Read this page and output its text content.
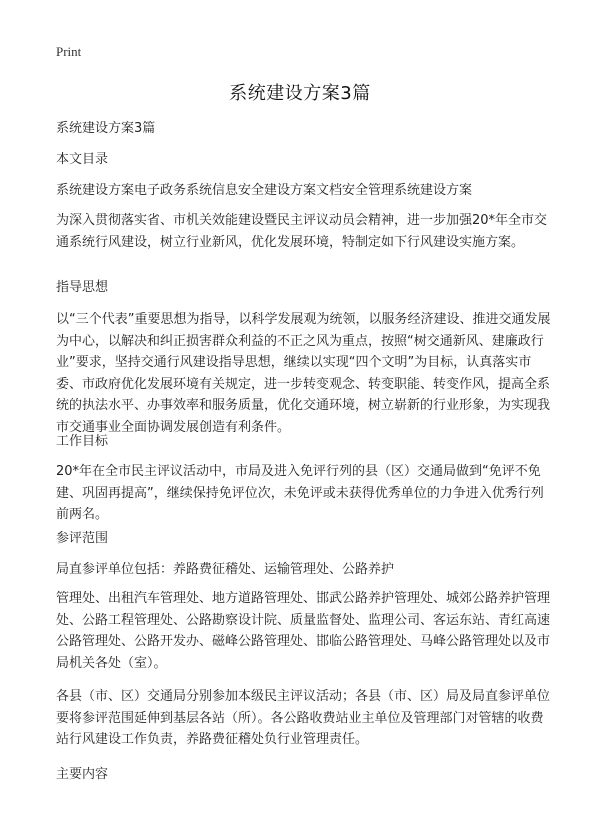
Print
系统建设方案3篇

系统建设方案3篇

本文目录

系统建设方案电子政务系统信息安全建设方案文档安全管理系统建设方案

为深入贯彻落实省、市机关效能建设暨民主评议动员会精神，进一步加强20*年全市交通系统行风建设，树立行业新风，优化发展环境，特制定如下行风建设实施方案。

指导思想

以“三个代表”重要思想为指导，以科学发展观为统领，以服务经济建设、推进交通发展为中心，以解决和纠正损害群众利益的不正之风为重点，按照“树交通新风、建廉政行业”要求，坚持交通行风建设指导思想，继续以实现“四个文明”为目标，认真落实市委、市政府优化发展环境有关规定，进一步转变观念、转变职能、转变作风，提高全系统的执法水平、办事效率和服务质量，优化交通环境，树立崭新的行业形象，为实现我市交通事业全面协调发展创造有利条件。

工作目标

20*年在全市民主评议活动中，市局及进入免评行列的县（区）交通局做到“免评不免建、巩固再提高”，继续保持免评位次，未免评或未获得优秀单位的力争进入优秀行列前两名。

参评范围

局直参评单位包括：养路费征稽处、运输管理处、公路养护

管理处、出租汽车管理处、地方道路管理处、邯武公路养护管理处、城郊公路养护管理处、公路工程管理处、公路勘察设计院、质量监督处、监理公司、客运东站、青红高速公路管理处、公路开发办、磁峰公路管理处、邯临公路管理处、马峰公路管理处以及市局机关各处（室）。

各县（市、区）交通局分别参加本级民主评议活动；各县（市、区）局及局直参评单位要将参评范围延伸到基层各站（所）。各公路收费站业主单位及管理部门对管辖的收费站行风建设工作负责，养路费征稽处负行业管理责任。

主要内容
